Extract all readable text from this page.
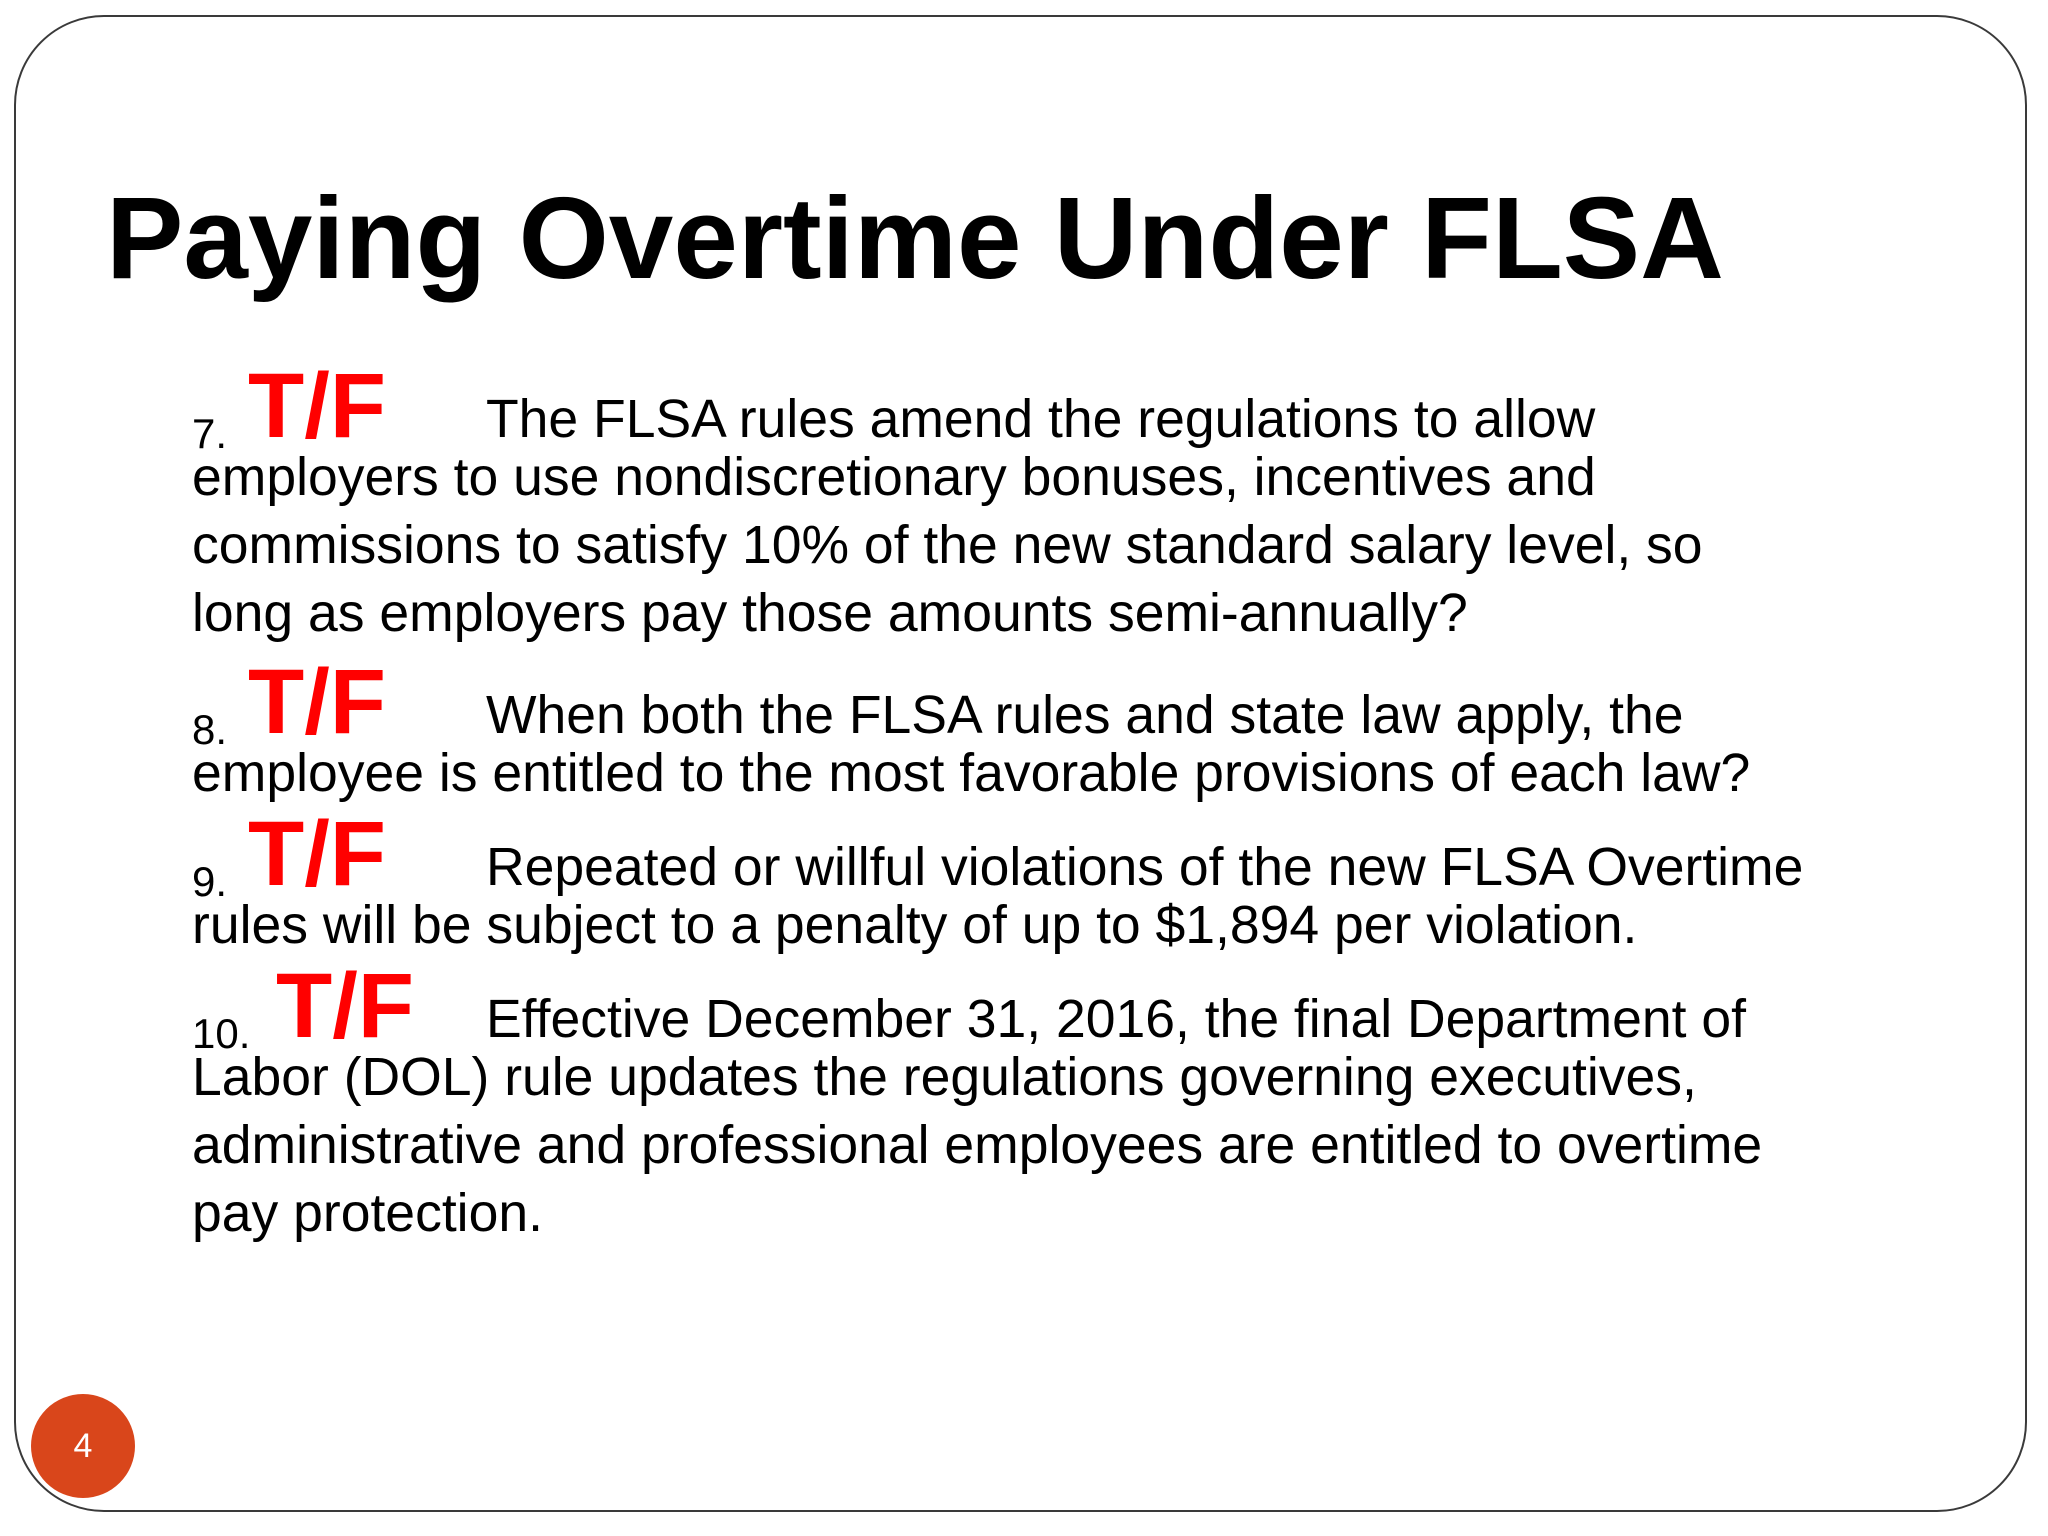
Paying Overtime Under FLSA
7. T/F The FLSA rules amend the regulations to allow
employers to use nondiscretionary bonuses, incentives and
commissions to satisfy 10% of the new standard salary level, so
long as employers pay those amounts semi-annually?
8. T/F When both the FLSA rules and state law apply, the
employee is entitled to the most favorable provisions of each law?
9. T/F Repeated or willful violations of the new FLSA Overtime
rules will be subject to a penalty of up to $1,894 per violation.
10. T/F Effective December 31, 2016, the final Department of
Labor (DOL) rule updates the regulations governing executives,
administrative and professional employees are entitled to overtime
pay protection.
4
